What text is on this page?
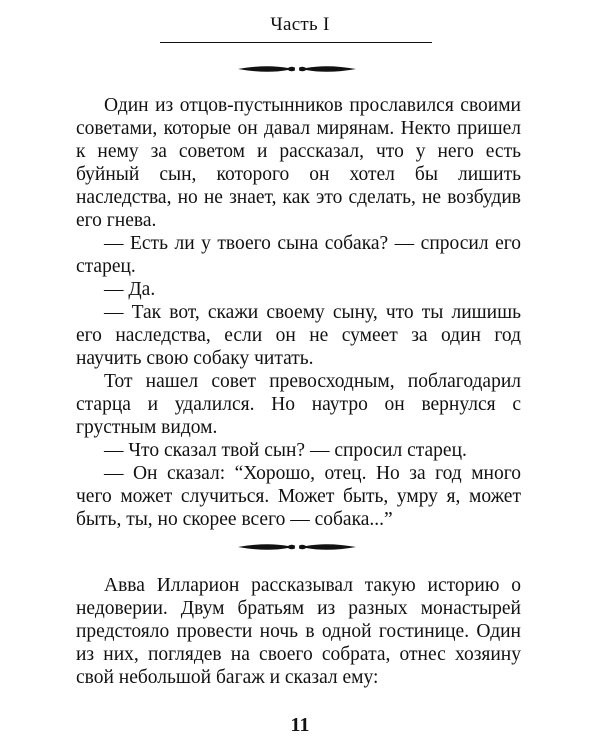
Часть I

Один из отцов-пустынников прославился своими советами, которые он давал мирянам. Некто пришел к нему за советом и рассказал, что у него есть буйный сын, которого он хотел бы лишить наследства, но не знает, как это сделать, не возбудив его гнева.

— Есть ли у твоего сына собака? — спросил его старец.

— Да.

— Так вот, скажи своему сыну, что ты лишишь его наследства, если он не сумеет за один год научить свою собаку читать.

Тот нашел совет превосходным, поблагодарил старца и удалился. Но наутро он вернулся с грустным видом.

— Что сказал твой сын? — спросил старец.

— Он сказал: “Хорошо, отец. Но за год много чего может случиться. Может быть, умру я, может быть, ты, но скорее всего — собака...”

Авва Илларион рассказывал такую историю о недоверии. Двум братьям из разных монастырей предстояло провести ночь в одной гостинице. Один из них, поглядев на своего собрата, отнес хозяину свой небольшой багаж и сказал ему:

11
